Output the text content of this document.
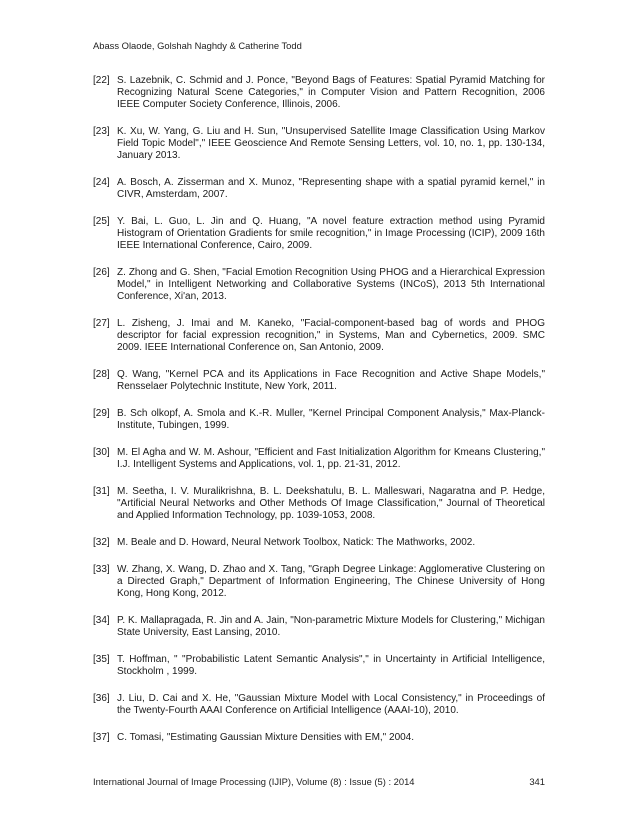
Abass Olaode, Golshah Naghdy & Catherine Todd
[22] S. Lazebnik, C. Schmid and J. Ponce, "Beyond Bags of Features: Spatial Pyramid Matching for Recognizing Natural Scene Categories," in Computer Vision and Pattern Recognition, 2006 IEEE Computer Society Conference, Illinois, 2006.
[23] K. Xu, W. Yang, G. Liu and H. Sun, "Unsupervised Satellite Image Classification Using Markov Field Topic Model"," IEEE Geoscience And Remote Sensing Letters, vol. 10, no. 1, pp. 130-134, January 2013.
[24] A. Bosch, A. Zisserman and X. Munoz, "Representing shape with a spatial pyramid kernel," in CIVR, Amsterdam, 2007.
[25] Y. Bai, L. Guo, L. Jin and Q. Huang, "A novel feature extraction method using Pyramid Histogram of Orientation Gradients for smile recognition," in Image Processing (ICIP), 2009 16th IEEE International Conference, Cairo, 2009.
[26] Z. Zhong and G. Shen, "Facial Emotion Recognition Using PHOG and a Hierarchical Expression Model," in Intelligent Networking and Collaborative Systems (INCoS), 2013 5th International Conference, Xi'an, 2013.
[27] L. Zisheng, J. Imai and M. Kaneko, "Facial-component-based bag of words and PHOG descriptor for facial expression recognition," in Systems, Man and Cybernetics, 2009. SMC 2009. IEEE International Conference on, San Antonio, 2009.
[28] Q. Wang, "Kernel PCA and its Applications in Face Recognition and Active Shape Models," Rensselaer Polytechnic Institute, New York, 2011.
[29] B. Sch olkopf, A. Smola and K.-R. Muller, "Kernel Principal Component Analysis," Max-Planck-Institute, Tubingen, 1999.
[30] M. El Agha and W. M. Ashour, "Efficient and Fast Initialization Algorithm for Kmeans Clustering," I.J. Intelligent Systems and Applications, vol. 1, pp. 21-31, 2012.
[31] M. Seetha, I. V. Muralikrishna, B. L. Deekshatulu, B. L. Malleswari, Nagaratna and P. Hedge, "Artificial Neural Networks and Other Methods Of Image Classification," Journal of Theoretical and Applied Information Technology, pp. 1039-1053, 2008.
[32] M. Beale and D. Howard, Neural Network Toolbox, Natick: The Mathworks, 2002.
[33] W. Zhang, X. Wang, D. Zhao and X. Tang, "Graph Degree Linkage: Agglomerative Clustering on a Directed Graph," Department of Information Engineering, The Chinese University of Hong Kong, Hong Kong, 2012.
[34] P. K. Mallapragada, R. Jin and A. Jain, "Non-parametric Mixture Models for Clustering," Michigan State University, East Lansing, 2010.
[35] T. Hoffman, " "Probabilistic Latent Semantic Analysis"," in Uncertainty in Artificial Intelligence, Stockholm , 1999.
[36] J. Liu, D. Cai and X. He, "Gaussian Mixture Model with Local Consistency," in Proceedings of the Twenty-Fourth AAAI Conference on Artificial Intelligence (AAAI-10), 2010.
[37] C. Tomasi, "Estimating Gaussian Mixture Densities with EM," 2004.
International Journal of Image Processing (IJIP), Volume (8) : Issue (5) : 2014	341
